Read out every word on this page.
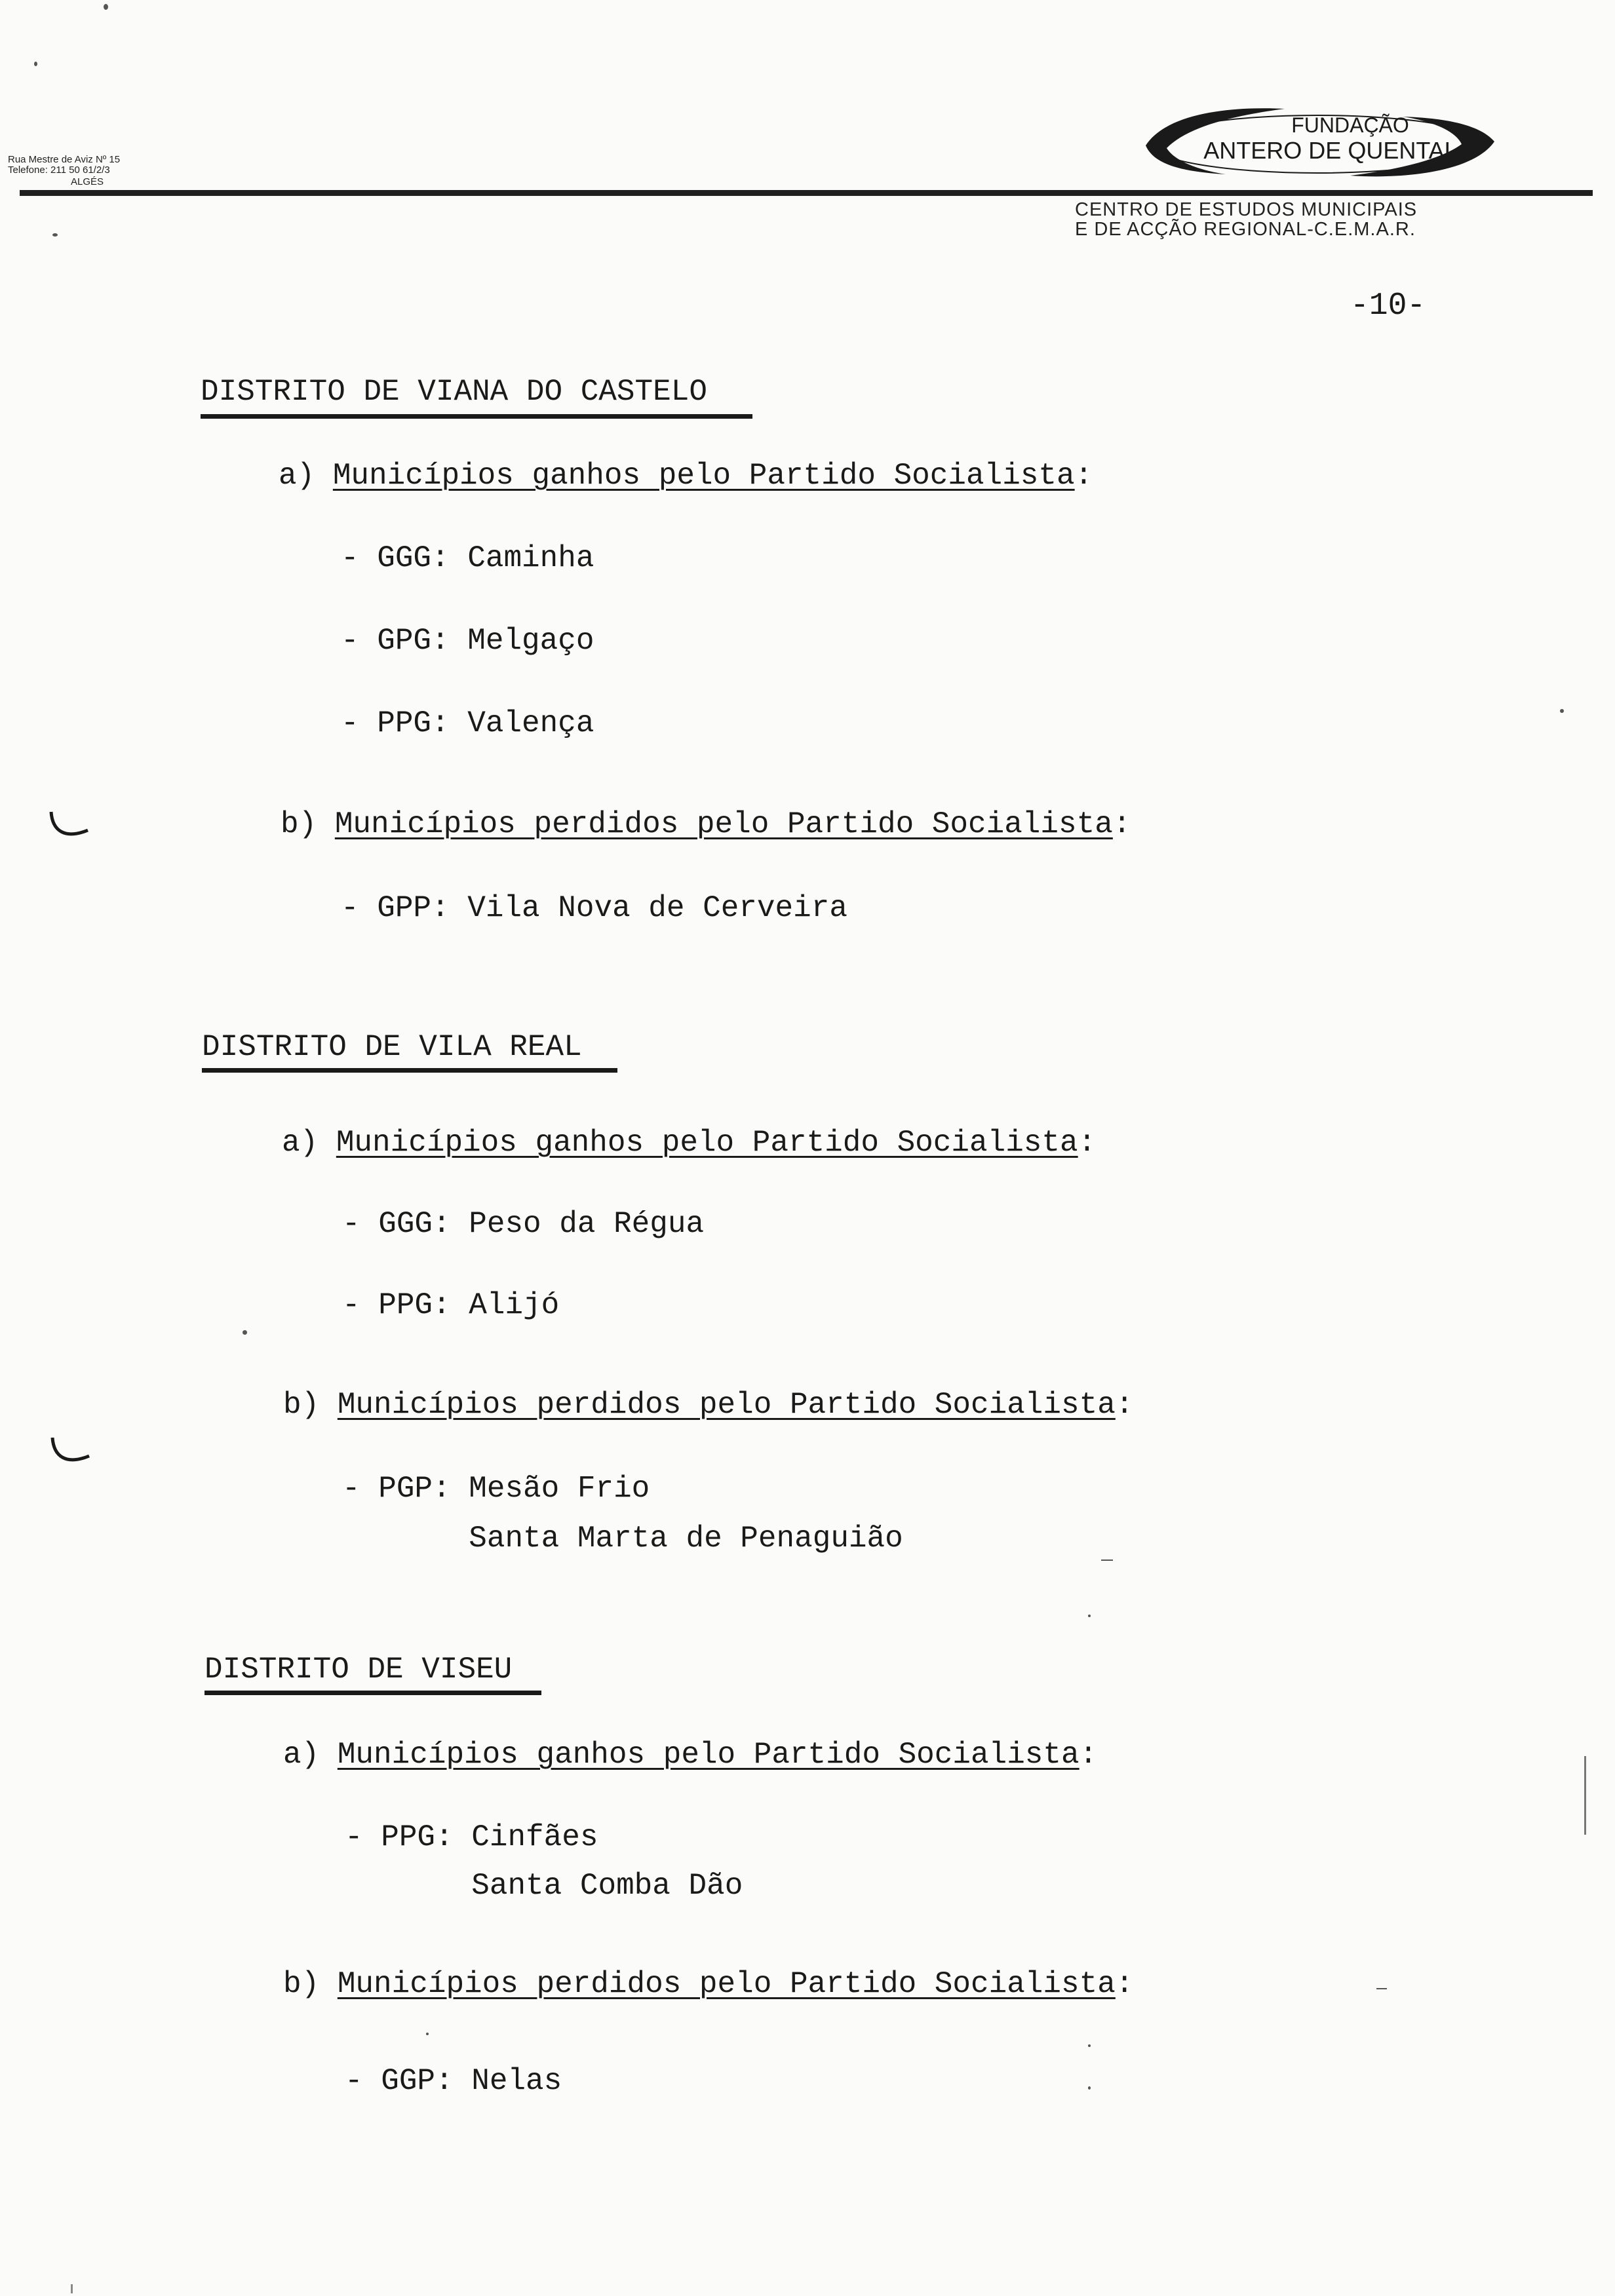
Rua Mestre de Aviz Nº 15
Telefone: 211 50 61/2/3
ALGÉS
FUNDAÇÃO
ANTERO DE QUENTAL
CENTRO DE ESTUDOS MUNICIPAIS
E DE ACÇÃO REGIONAL-C.E.M.A.R.
-10-
DISTRITO DE VIANA DO CASTELO
a) Municípios ganhos pelo Partido Socialista:
- GGG: Caminha
- GPG: Melgaço
- PPG: Valença
b) Municípios perdidos pelo Partido Socialista:
- GPP: Vila Nova de Cerveira
DISTRITO DE VILA REAL
a) Municípios ganhos pelo Partido Socialista:
- GGG: Peso da Régua
- PPG: Alijó
b) Municípios perdidos pelo Partido Socialista:
- PGP: Mesão Frio
Santa Marta de Penaguião
DISTRITO DE VISEU
a) Municípios ganhos pelo Partido Socialista:
- PPG: Cinfães
Santa Comba Dão
b) Municípios perdidos pelo Partido Socialista:
- GGP: Nelas
